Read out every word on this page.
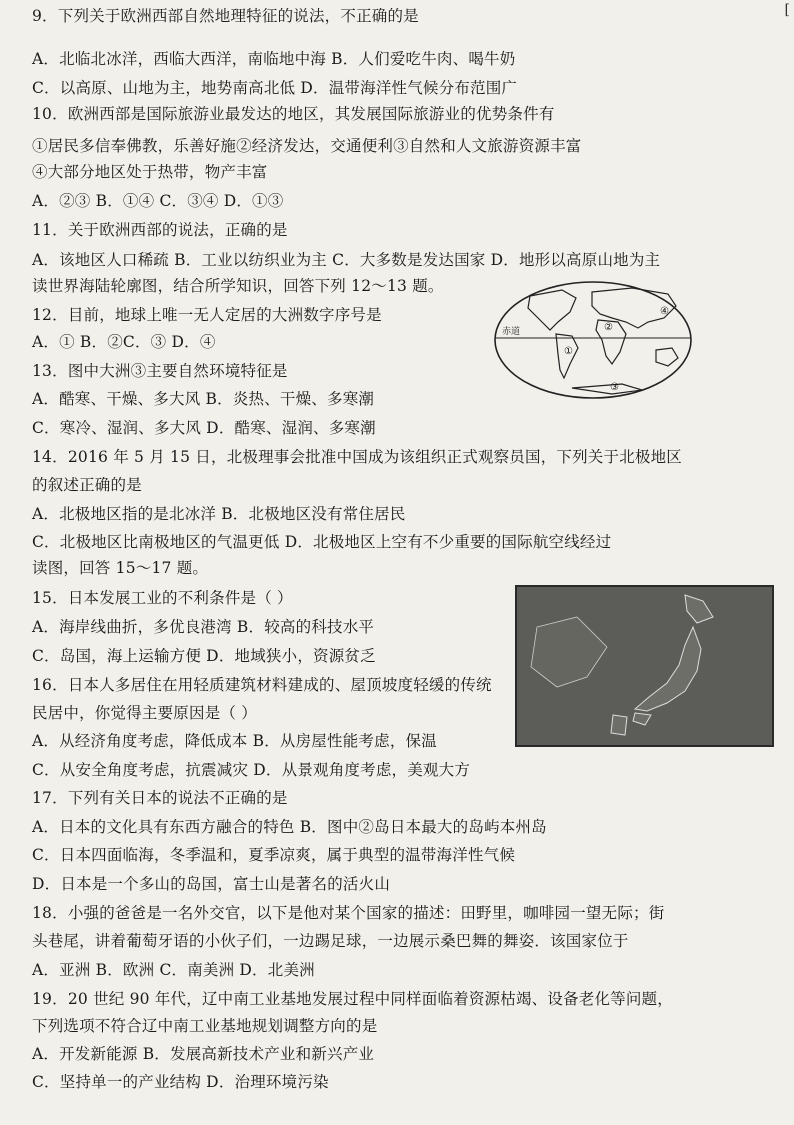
9．下列关于欧洲西部自然地理特征的说法，不正确的是
A．北临北冰洋，西临大西洋，南临地中海 B．人们爱吃牛肉、喝牛奶
C．以高原、山地为主，地势南高北低 D．温带海洋性气候分布范围广
10．欧洲西部是国际旅游业最发达的地区，其发展国际旅游业的优势条件有
①居民多信奉佛教，乐善好施②经济发达，交通便利③自然和人文旅游资源丰富
④大部分地区处于热带，物产丰富
A．②③ B．①④ C．③④ D．①③
11．关于欧洲西部的说法，正确的是
A．该地区人口稀疏 B．工业以纺织业为主 C．大多数是发达国家 D．地形以高原山地为主
读世界海陆轮廓图，结合所学知识，回答下列 12～13 题。
12．目前，地球上唯一无人定居的大洲数字序号是
A．① B．②C．③ D．④
13．图中大洲③主要自然环境特征是
A．酷寒、干燥、多大风 B．炎热、干燥、多寒潮
C．寒冷、湿润、多大风 D．酷寒、湿润、多寒潮
14．2016 年 5 月 15 日，北极理事会批准中国成为该组织正式观察员国，下列关于北极地区
的叙述正确的是
A．北极地区指的是北冰洋 B．北极地区没有常住居民
C．北极地区比南极地区的气温更低 D．北极地区上空有不少重要的国际航空线经过
读图，回答 15～17 题。
15．日本发展工业的不利条件是（ ）
A．海岸线曲折，多优良港湾 B．较高的科技水平
C．岛国，海上运输方便 D．地域狭小，资源贫乏
16．日本人多居住在用轻质建筑材料建成的、屋顶坡度轻缓的传统
民居中，你觉得主要原因是（ ）
A．从经济角度考虑，降低成本 B．从房屋性能考虑，保温
C．从安全角度考虑，抗震减灾 D．从景观角度考虑，美观大方
17．下列有关日本的说法不正确的是
A．日本的文化具有东西方融合的特色 B．图中②岛日本最大的岛屿本州岛
C．日本四面临海，冬季温和，夏季凉爽，属于典型的温带海洋性气候
D．日本是一个多山的岛国，富士山是著名的活火山
18．小强的爸爸是一名外交官，以下是他对某个国家的描述：田野里，咖啡园一望无际；街
头巷尾，讲着葡萄牙语的小伙子们，一边踢足球，一边展示桑巴舞的舞姿．该国家位于
A．亚洲 B．欧洲 C．南美洲 D．北美洲
19．20 世纪 90 年代，辽中南工业基地发展过程中同样面临着资源枯竭、设备老化等问题，
下列选项不符合辽中南工业基地规划调整方向的是
A．开发新能源 B．发展高新技术产业和新兴产业
C．坚持单一的产业结构 D．治理环境污染
[
赤道
①
②
③
④
